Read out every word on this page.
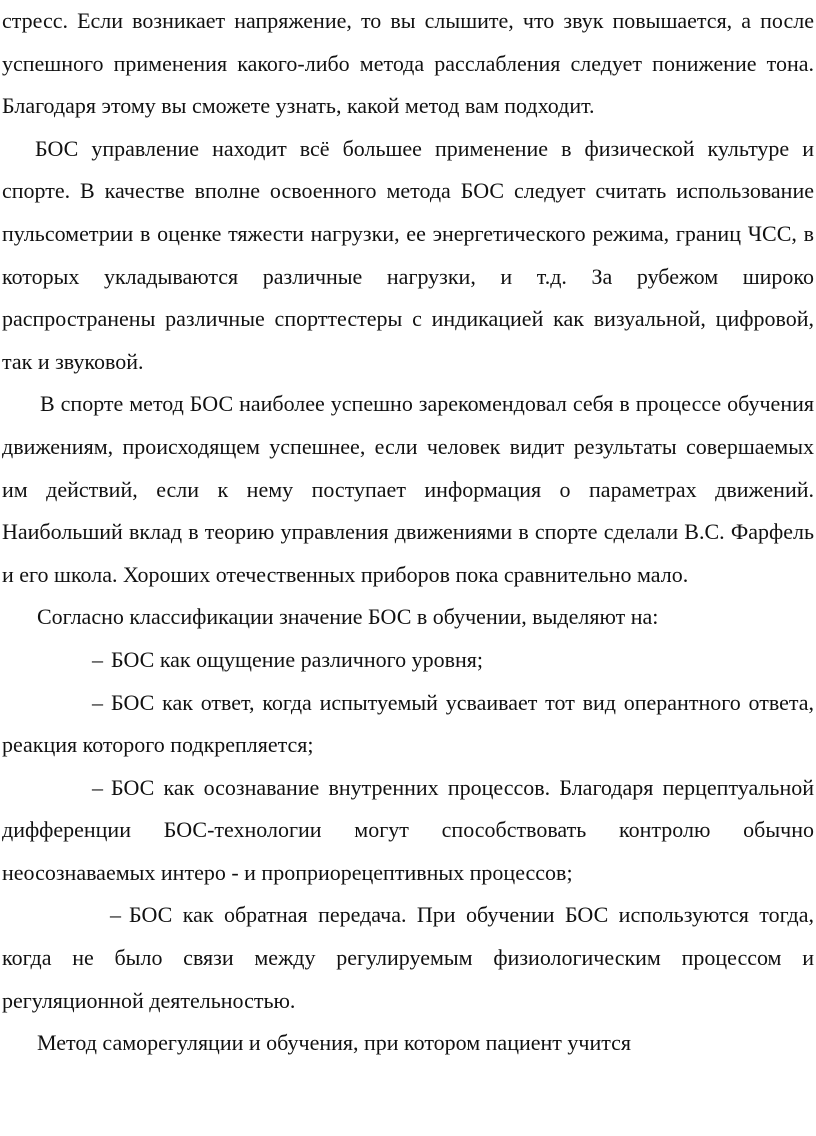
стресс. Если возникает напряжение, то вы слышите, что звук повышается, а после успешного применения какого-либо метода расслабления следует понижение тона. Благодаря этому вы сможете узнать, какой метод вам подходит.

БОС управление находит всё большее применение в физической культуре и спорте. В качестве вполне освоенного метода БОС следует считать использование пульсометрии в оценке тяжести нагрузки, ее энергетического режима, границ ЧСС, в которых укладываются различные нагрузки, и т.д. За рубежом широко распространены различные спорттестеры с индикацией как визуальной, цифровой, так и звуковой.

В спорте метод БОС наиболее успешно зарекомендовал себя в процессе обучения движениям, происходящем успешнее, если человек видит результаты совершаемых им действий, если к нему поступает информация о параметрах движений. Наибольший вклад в теорию управления движениями в спорте сделали В.С. Фарфель и его школа. Хороших отечественных приборов пока сравнительно мало.

Согласно классификации значение БОС в обучении, выделяют на:

– БОС как ощущение различного уровня;

– БОС как ответ, когда испытуемый усваивает тот вид оперантного ответа, реакция которого подкрепляется;

– БОС как осознавание внутренних процессов. Благодаря перцептуальной дифференции БОС-технологии могут способствовать контролю обычно неосознаваемых интеро - и проприорецептивных процессов;

– БОС как обратная передача. При обучении БОС используются тогда, когда не было связи между регулируемым физиологическим процессом и регуляционной деятельностью.

Метод саморегуляции и обучения, при котором пациент учится
